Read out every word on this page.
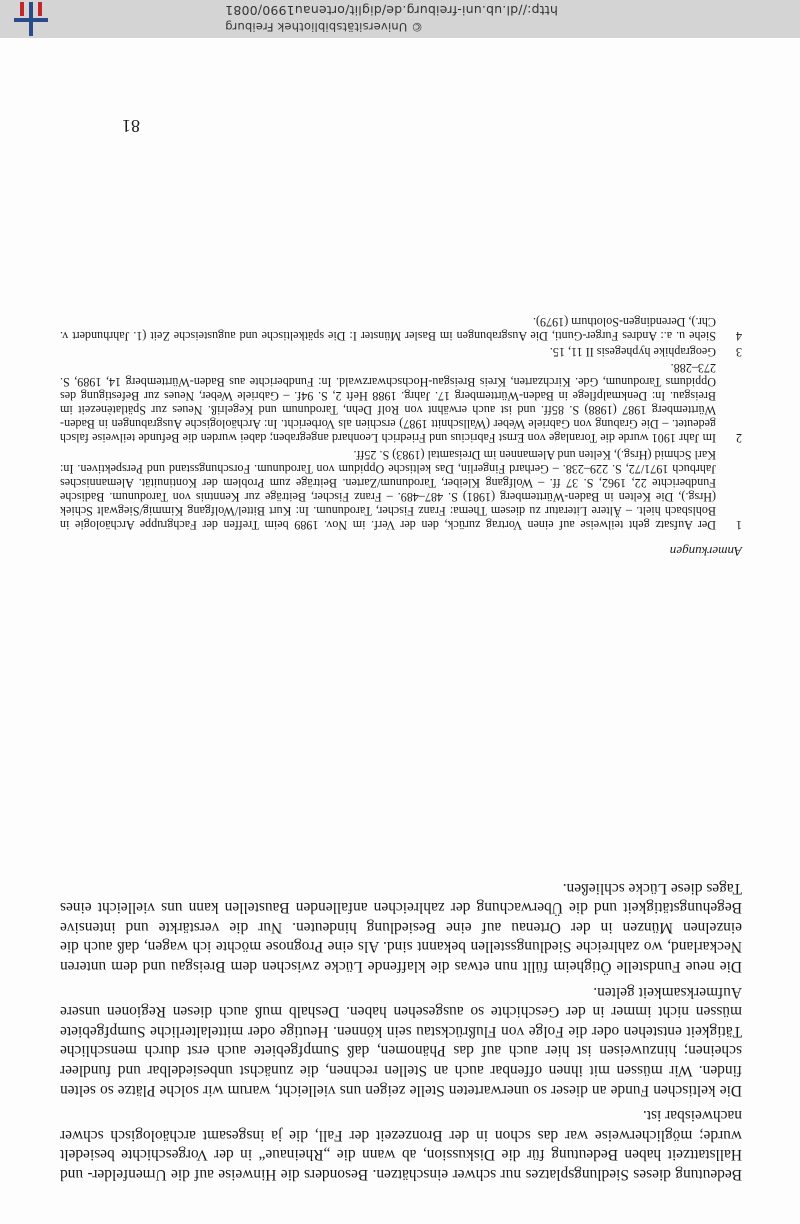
Bedeutung dieses Siedlungsplatzes nur schwer einschätzen. Besonders die Hinweise auf die Urnenfelder- und Hallstattzeit haben Bedeutung für die Diskussion, ab wann die „Rheinaue“ in der Vorgeschichte besiedelt wurde; möglicherweise war das schon in der Bronzezeit der Fall, die ja insgesamt archäologisch schwer nachweisbar ist.

Die keltischen Funde an dieser so unerwarteten Stelle zeigen uns vielleicht, warum wir solche Plätze so selten finden. Wir müssen mit ihnen offenbar auch an Stellen rechnen, die zunächst unbesiedelbar und fundleer scheinen; hinzuweisen ist hier auch auf das Phänomen, daß Sumpfgebiete auch erst durch menschliche Tätigkeit entstehen oder die Folge von Flußrückstau sein können. Heutige oder mittelalterliche Sumpfgebiete müssen nicht immer in der Geschichte so ausgesehen haben. Deshalb muß auch diesen Regionen unsere Aufmerksamkeit gelten.

Die neue Fundstelle Ötigheim füllt nun etwas die klaffende Lücke zwischen dem Breisgau und dem unteren Neckarland, wo zahlreiche Siedlungsstellen bekannt sind. Als eine Prognose möchte ich wagen, daß auch die einzelnen Münzen in der Ortenau auf eine Besiedlung hindeuten. Nur die verstärkte und intensive Begehungstätigkeit und die Überwachung der zahlreichen anfallenden Baustellen kann uns vielleicht eines Tages diese Lücke schließen.

Anmerkungen
1
Der Aufsatz geht teilweise auf einen Vortrag zurück, den der Verf. im Nov. 1989 beim Treffen der Fachgruppe Archäologie in Bohlsbach hielt. – Ältere Literatur zu diesem Thema: Franz Fischer, Tarodunum. In: Kurt Bittel/Wolfgang Kimmig/Siegwalt Schiek (Hrsg.), Die Kelten in Baden-Württemberg (1981) S. 487–489. – Franz Fischer, Beiträge zur Kenntnis von Tarodunum. Badische Fundberichte 22, 1962, S. 37 ff. – Wolfgang Kleiber, Tarodunum/Zarten. Beiträge zum Problem der Kontinuität. Alemannisches Jahrbuch 1971/72, S. 229–238. – Gerhard Fingerlin, Das keltische Oppidum von Tarodunum. Forschungsstand und Perspektiven. In: Karl Schmid (Hrsg.), Kelten und Alemannen im Dreisamtal (1983) S. 25ff.
2
Im Jahr 1901 wurde die Toranlage von Ernst Fabricius und Friedrich Leonhard angegraben; dabei wurden die Befunde teilweise falsch gedeutet. – Die Grabung von Gabriele Weber (Wallschnitt 1987) erschien als Vorbericht. In: Archäologische Ausgrabungen in Baden-Württemberg 1987 (1988) S. 85ff. und ist auch erwähnt von Rolf Dehn, Tarodunum und Kegelriß. Neues zur Spätlatènezeit im Breisgau. In: Denkmalpflege in Baden-Württemberg 17. Jahrg. 1988 Heft 2, S. 94f. – Gabriele Weber, Neues zur Befestigung des Oppidums Tarodunum, Gde. Kirchzarten, Kreis Breisgau-Hochschwarzwald. In: Fundberichte aus Baden-Württemberg 14, 1989, S. 273–288.
3
Geographike hyphegesis II 11, 15.
4
Siehe u. a.: Andres Furger-Gunti, Die Ausgrabungen im Basler Münster I: Die spätkeltische und augusteische Zeit (1. Jahrhundert v. Chr.), Derendingen-Solothurn (1979).
81
© Universitätsbibliothek Freiburg
http://dl.ub.uni-freiburg.de/diglit/ortenau1990/0081
